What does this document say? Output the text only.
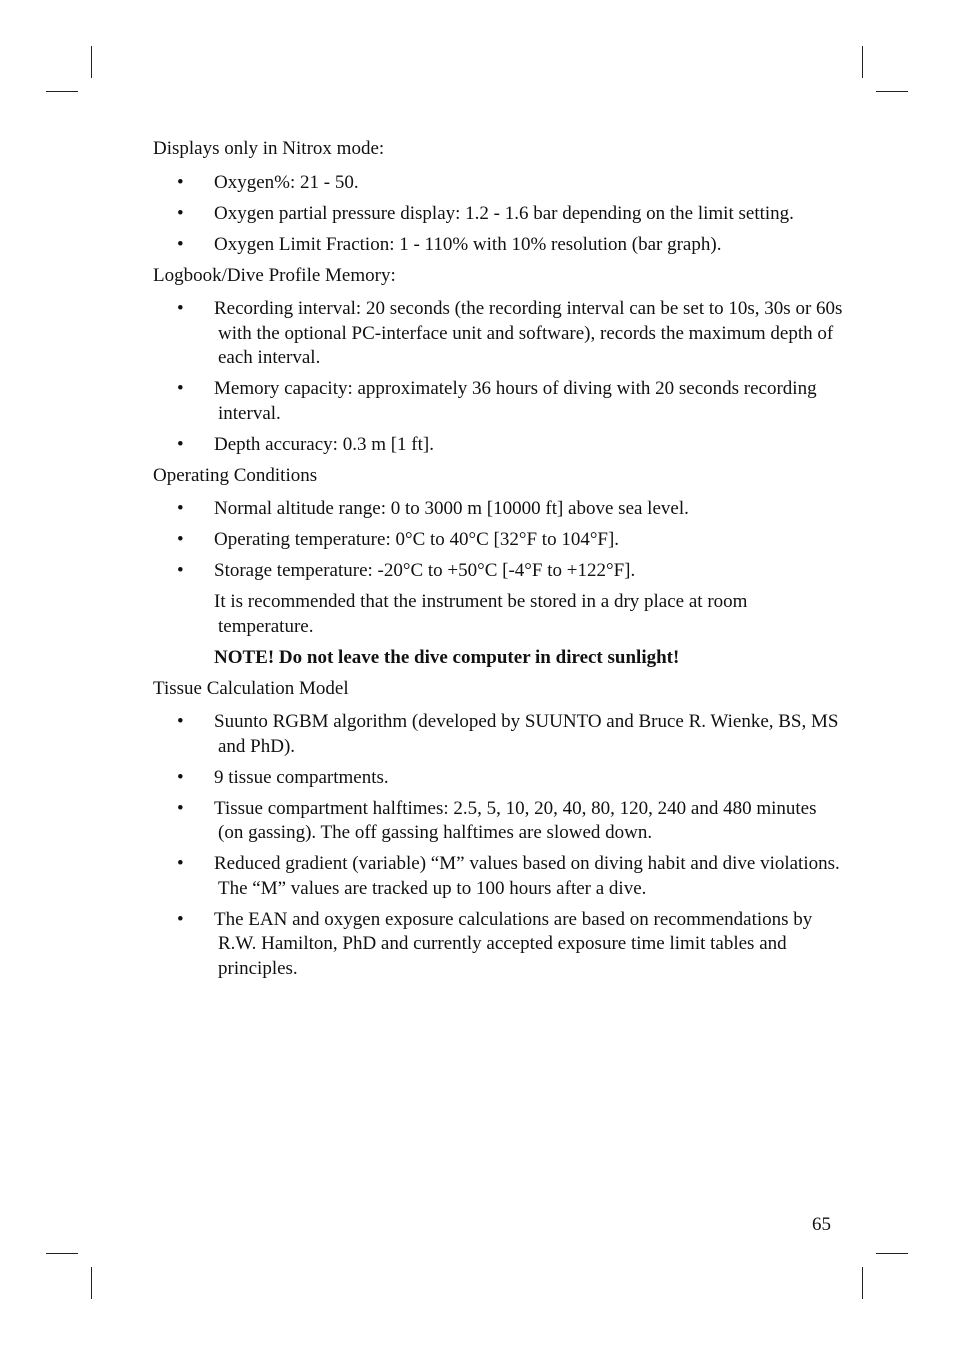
Displays only in Nitrox mode:
• Oxygen%: 21 - 50.
• Oxygen partial pressure display: 1.2 - 1.6 bar depending on the limit setting.
• Oxygen Limit Fraction: 1 - 110% with 10% resolution (bar graph).
Logbook/Dive Profile Memory:
• Recording interval: 20 seconds (the recording interval can be set to 10s, 30s or 60s with the optional PC-interface unit and software), records the maximum depth of each interval.
• Memory capacity: approximately 36 hours of diving with 20 seconds recording interval.
• Depth accuracy: 0.3 m [1 ft].
Operating Conditions
• Normal altitude range: 0 to 3000 m [10000 ft] above sea level.
• Operating temperature: 0°C to 40°C [32°F to 104°F].
• Storage temperature: -20°C to +50°C [-4°F to +122°F].
It is recommended that the instrument be stored in a dry place at room temperature.
NOTE! Do not leave the dive computer in direct sunlight!
Tissue Calculation Model
• Suunto RGBM algorithm (developed by SUUNTO and Bruce R. Wienke, BS, MS and PhD).
• 9 tissue compartments.
• Tissue compartment halftimes: 2.5, 5, 10, 20, 40, 80, 120, 240 and 480 minutes (on gassing). The off gassing halftimes are slowed down.
• Reduced gradient (variable) “M” values based on diving habit and dive violations. The “M” values are tracked up to 100 hours after a dive.
• The EAN and oxygen exposure calculations are based on recommendations by R.W. Hamilton, PhD and currently accepted exposure time limit tables and principles.
65
